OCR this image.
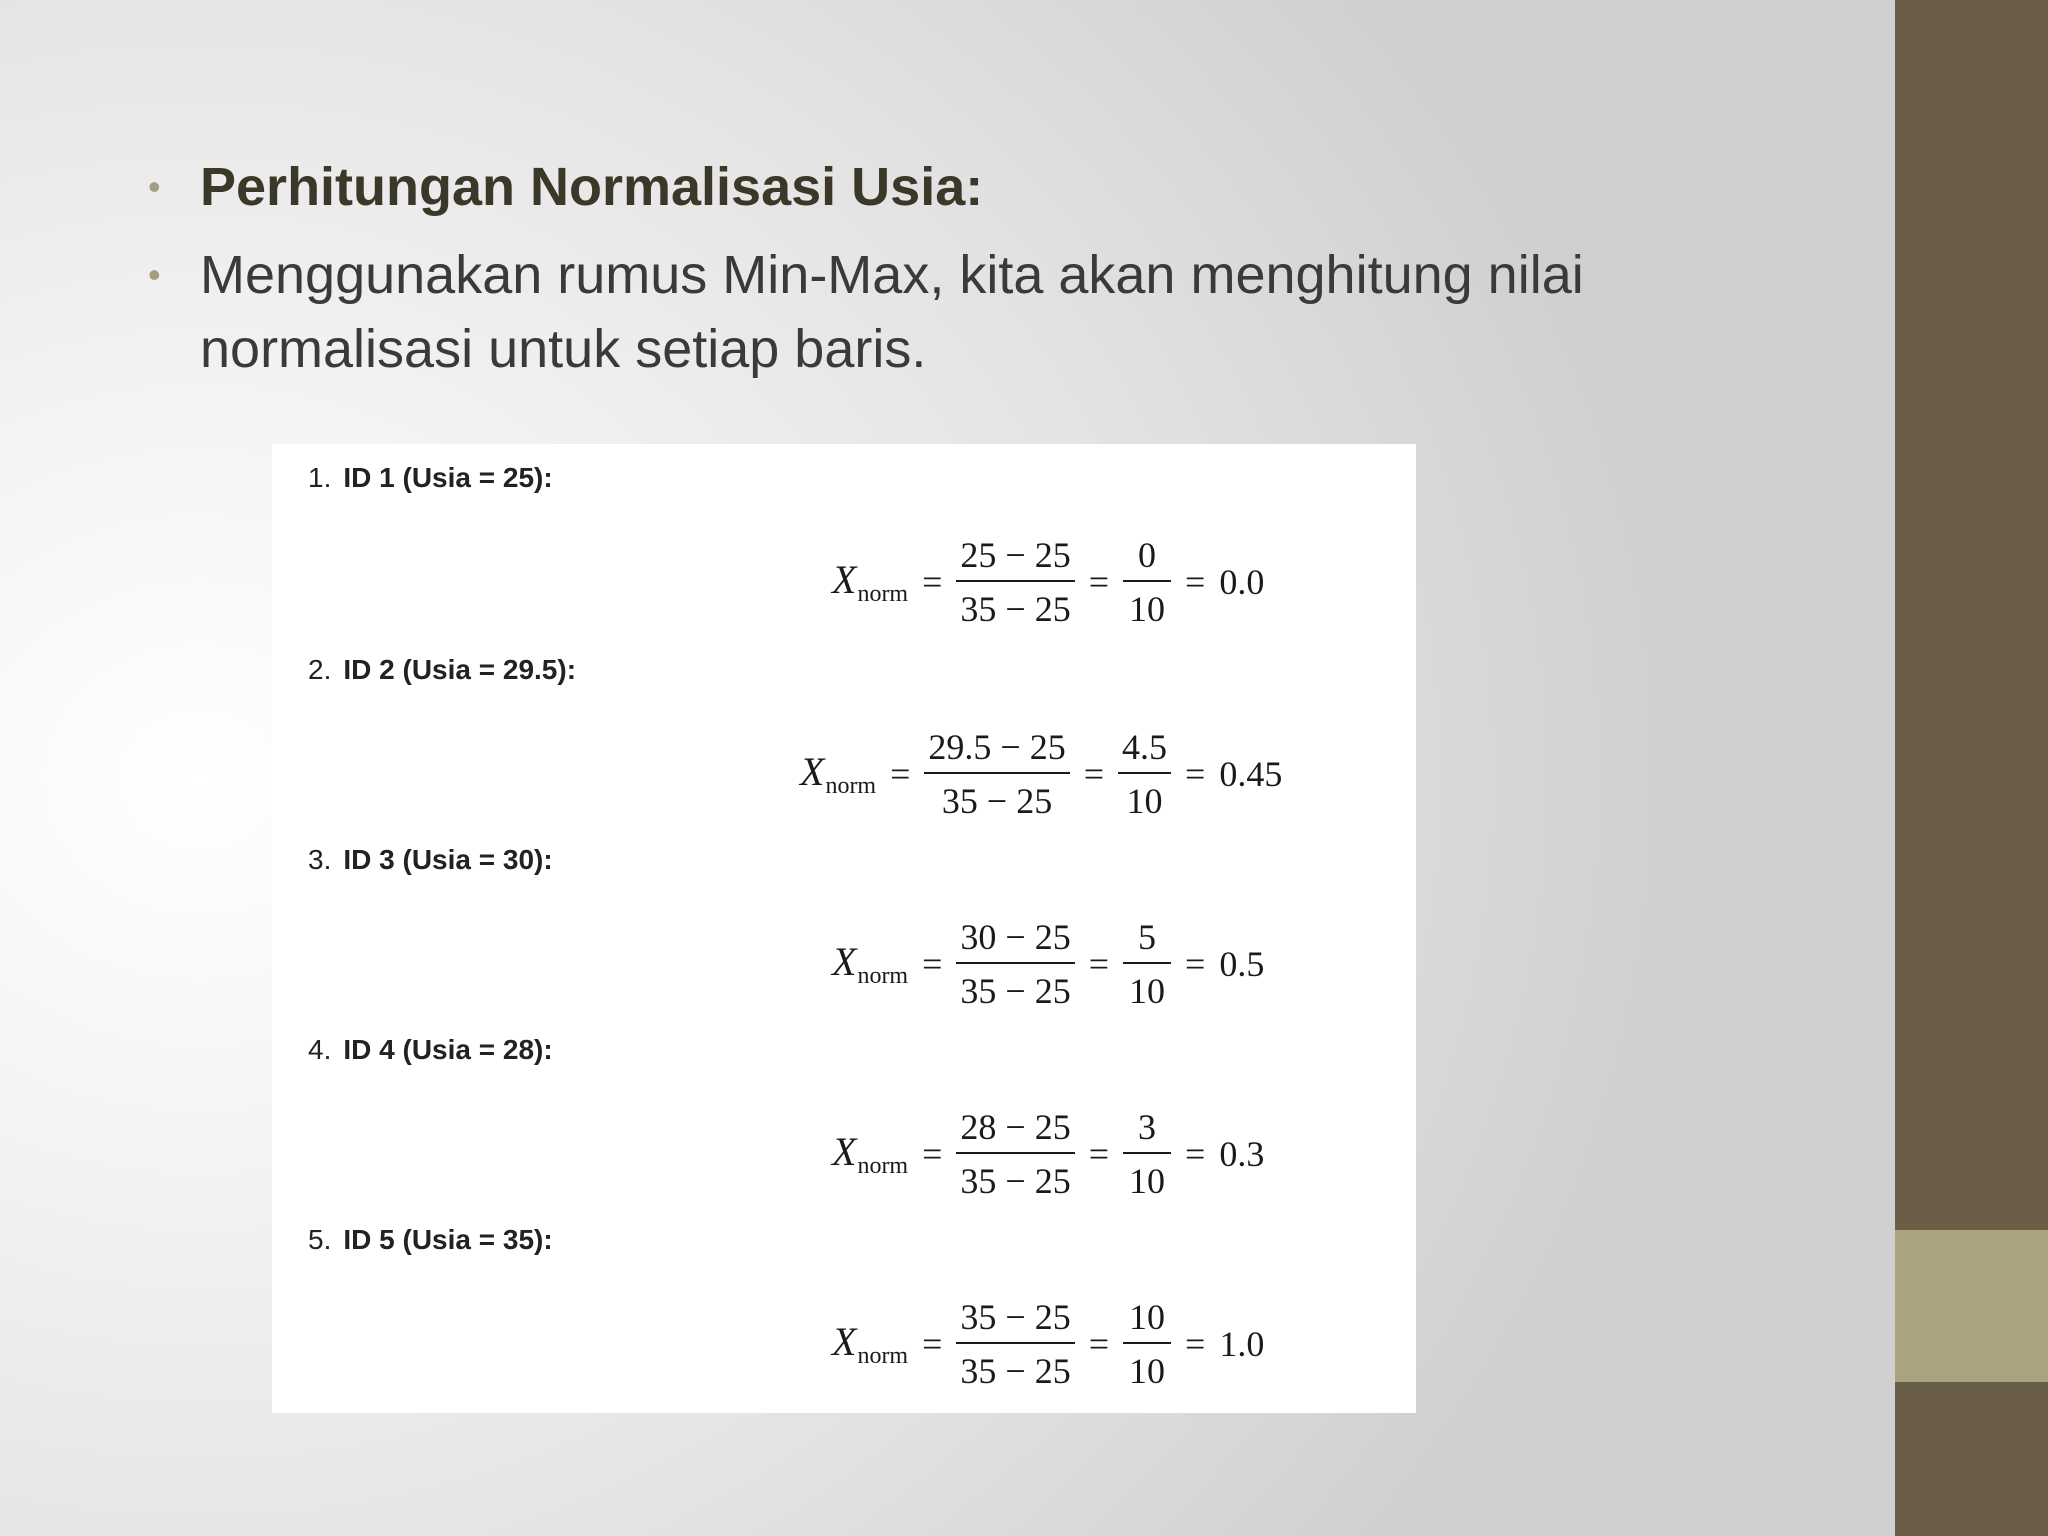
• Perhitungan Normalisasi Usia:
• Menggunakan rumus Min-Max, kita akan menghitung nilai normalisasi untuk setiap baris.
1. ID 1 (Usia = 25):
$X_{norm} = \frac{25 - 25}{35 - 25} = \frac{0}{10} = 0.0$
2. ID 2 (Usia = 29.5):
$X_{norm} = \frac{29.5 - 25}{35 - 25} = \frac{4.5}{10} = 0.45$
3. ID 3 (Usia = 30):
$X_{norm} = \frac{30 - 25}{35 - 25} = \frac{5}{10} = 0.5$
4. ID 4 (Usia = 28):
$X_{norm} = \frac{28 - 25}{35 - 25} = \frac{3}{10} = 0.3$
5. ID 5 (Usia = 35):
$X_{norm} = \frac{35 - 25}{35 - 25} = \frac{10}{10} = 1.0$
